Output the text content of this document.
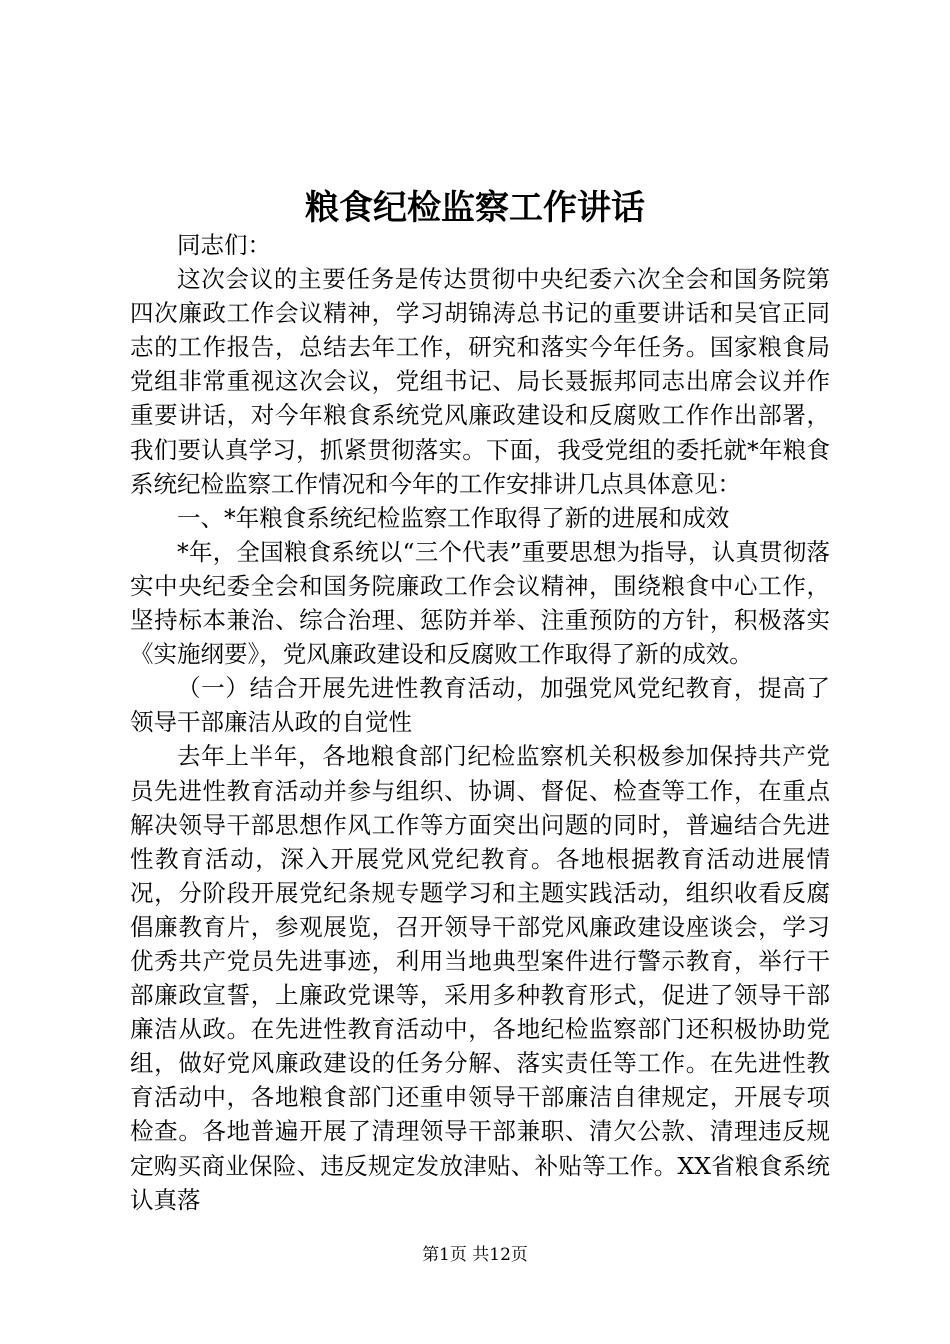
粮食纪检监察工作讲话

同志们：

这次会议的主要任务是传达贯彻中央纪委六次全会和国务院第四次廉政工作会议精神，学习胡锦涛总书记的重要讲话和吴官正同志的工作报告，总结去年工作，研究和落实今年任务。国家粮食局党组非常重视这次会议，党组书记、局长聂振邦同志出席会议并作重要讲话，对今年粮食系统党风廉政建设和反腐败工作作出部署，我们要认真学习，抓紧贯彻落实。下面，我受党组的委托就*年粮食系统纪检监察工作情况和今年的工作安排讲几点具体意见：

一、*年粮食系统纪检监察工作取得了新的进展和成效

*年，全国粮食系统以“三个代表”重要思想为指导，认真贯彻落实中央纪委全会和国务院廉政工作会议精神，围绕粮食中心工作，坚持标本兼治、综合治理、惩防并举、注重预防的方针，积极落实《实施纲要》，党风廉政建设和反腐败工作取得了新的成效。

（一）结合开展先进性教育活动，加强党风党纪教育，提高了领导干部廉洁从政的自觉性

去年上半年，各地粮食部门纪检监察机关积极参加保持共产党员先进性教育活动并参与组织、协调、督促、检查等工作，在重点解决领导干部思想作风工作等方面突出问题的同时，普遍结合先进性教育活动，深入开展党风党纪教育。各地根据教育活动进展情况，分阶段开展党纪条规专题学习和主题实践活动，组织收看反腐倡廉教育片，参观展览，召开领导干部党风廉政建设座谈会，学习优秀共产党员先进事迹，利用当地典型案件进行警示教育，举行干部廉政宣誓，上廉政党课等，采用多种教育形式，促进了领导干部廉洁从政。在先进性教育活动中，各地纪检监察部门还积极协助党组，做好党风廉政建设的任务分解、落实责任等工作。在先进性教育活动中，各地粮食部门还重申领导干部廉洁自律规定，开展专项检查。各地普遍开展了清理领导干部兼职、清欠公款、清理违反规定购买商业保险、违反规定发放津贴、补贴等工作。XX省粮食系统认真落

第1页 共12页
